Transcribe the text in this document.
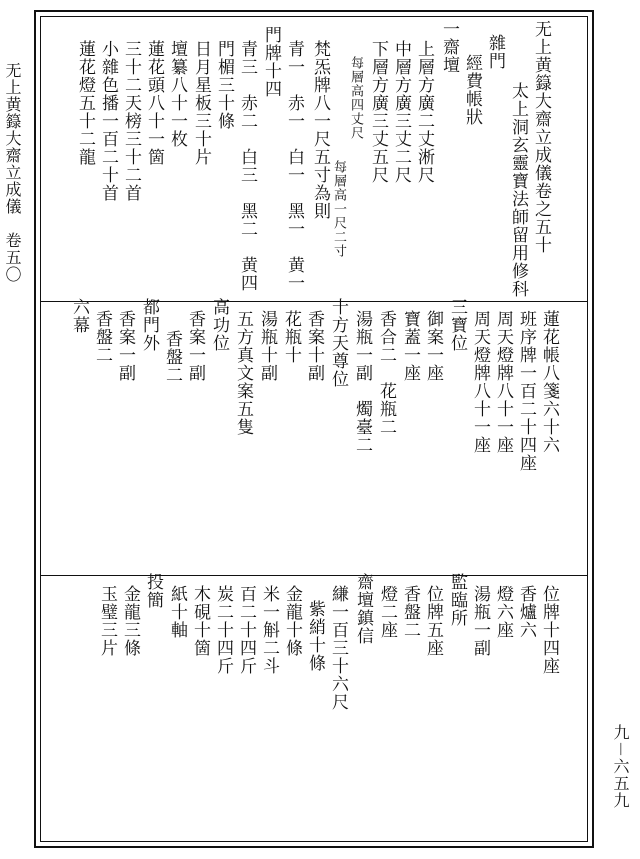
无上黄籙大齋立成儀　卷五〇
九－六五九
无上黄籙大齋立成儀卷之五十
太上洞玄靈寶法師留用修科
雜門
經費帳狀
一齋壇
上層方廣二丈淅尺
中層方廣三丈二尺
下層方廣三丈五尺
每層高四丈尺
每層高一尺二寸
梵炁牌八一尺五寸為則
青一　赤一　白一　黑一　黄一
門牌十四
青三　赤二　白三　黑二　黄四
門楣三十條
日月星板三十片
壇纂八十一枚
蓮花頭八十一箇
三十二天榜三十二首
小雜色播一百二十首
蓮花燈五十二龍
蓮花帳八箋六十六
班序牌一百二十四座
周天燈牌八十一座
周天燈牌八十一座
三寶位
御案一座
寶蓋一座
香合二　花瓶二
湯瓶一副　燭臺二
十方天尊位
香案十副
花瓶十
湯瓶十副
五方真文案五隻
高功位
香案一副
香盤二
都門外
香案一副
香盤二
六幕
位牌十四座
香爐六
燈六座
湯瓶一副
監臨所
位牌五座
香盤二
燈二座
齋壇鎮信
縑一百三十六尺
紫綃十條
金龍十條
米一斛二斗
百二十四斤
炭二十四斤
木硯十箇
紙十軸
投簡
金龍三條
玉璧三片
